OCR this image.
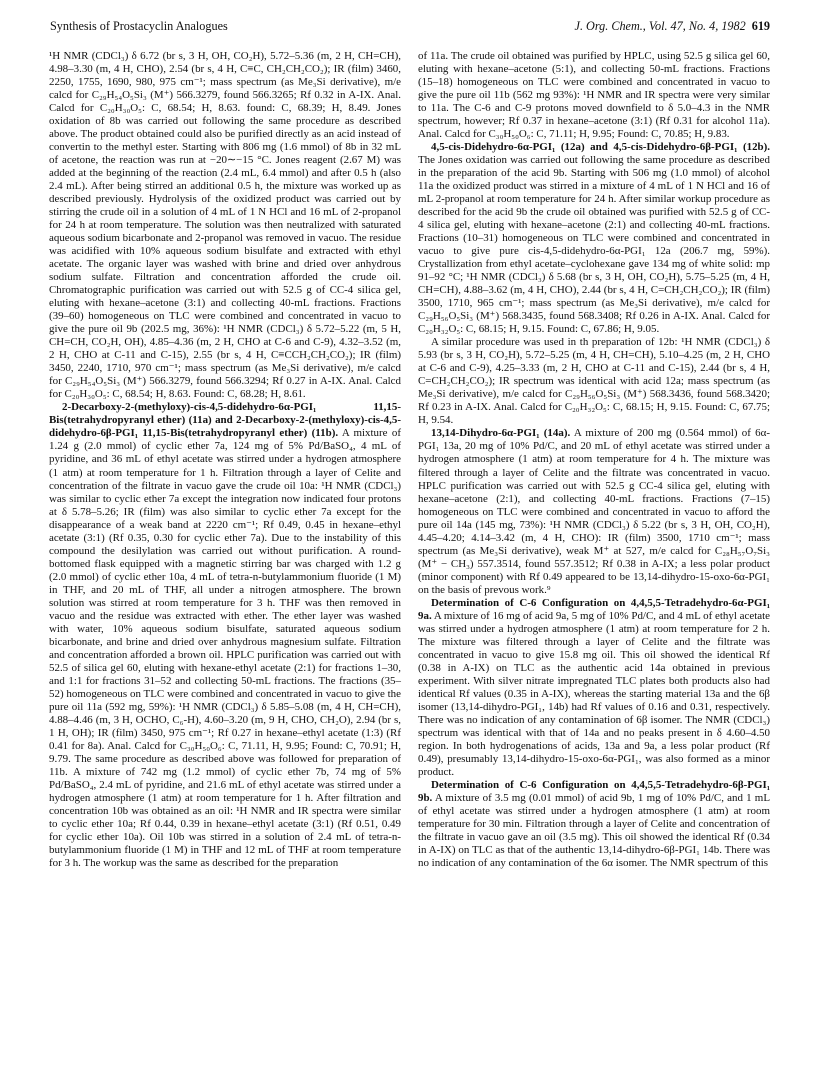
Synthesis of Prostacyclin Analogues	J. Org. Chem., Vol. 47, No. 4, 1982 619

¹H NMR (CDCl₃) δ 6.72 (br s, 3 H, OH, CO₂H), 5.72–5.36 (m, 2 H, CH=CH), 4.98–3.30 (m, 4 H, CHO), 2.54 (br s, 4 H, C≡C, CH₂CH₂CO₂); IR (film) 3460, 2250, 1755, 1690, 980, 975 cm⁻¹; mass spectrum (as Me₃Si derivative), m/e calcd for C₂₉H₅₄O₅Si₃ (M⁺) 566.3279, found 566.3265; Rf 0.32 in A-IX. Anal. Calcd for C₂₀H₃₀O₅: C, 68.54; H, 8.63. found: C, 68.39; H, 8.49. Jones oxidation of 8b was carried out following the same procedure as described above. The product obtained could also be purified directly as an acid instead of convertin to the methyl ester. Starting with 806 mg (1.6 mmol) of 8b in 32 mL of acetone, the reaction was run at −20∼−15 °C. Jones reagent (2.67 M) was added at the beginning of the reaction (2.4 mL, 6.4 mmol) and after 0.5 h (also 2.4 mL). After being stirred an additional 0.5 h, the mixture was worked up as described previously. Hydrolysis of the oxidized product was carried out by stirring the crude oil in a solution of 4 mL of 1 N HCl and 16 mL of 2-propanol for 24 h at room temperature. The solution was then neutralized with saturated aqueous sodium bicarbonate and 2-propanol was removed in vacuo. The residue was acidified with 10% aqueous sodium bisulfate and extracted with ethyl acetate. The organic layer was washed with brine and dried over anhydrous sodium sulfate. Filtration and concentration afforded the crude oil. Chromatographic purification was carried out with 52.5 g of CC-4 silica gel, eluting with hexane–acetone (3:1) and collecting 40-mL fractions. Fractions (39–60) homogeneous on TLC were combined and concentrated in vacuo to give the pure oil 9b (202.5 mg, 36%): ¹H NMR (CDCl₃) δ 5.72–5.22 (m, 5 H, CH=CH, CO₂H, OH), 4.85–4.36 (m, 2 H, CHO at C-6 and C-9), 4.32–3.52 (m, 2 H, CHO at C-11 and C-15), 2.55 (br s, 4 H, C≡CCH₂CH₂CO₂); IR (film) 3450, 2240, 1710, 970 cm⁻¹; mass spectrum (as Me₃Si derivative), m/e calcd for C₂₉H₅₄O₅Si₃ (M⁺) 566.3279, found 566.3294; Rf 0.27 in A-IX. Anal. Calcd for C₂₀H₃₀O₅: C, 68.54; H, 8.63. Found: C, 68.28; H, 8.61.

2-Decarboxy-2-(methyloxy)-cis-4,5-didehydro-6α-PGI₁ 11,15-Bis(tetrahydropyranyl ether) (11a) and 2-Decarboxy-2-(methyloxy)-cis-4,5-didehydro-6β-PGI₁ 11,15-Bis(tetrahydropyranyl ether) (11b). A mixture of 1.24 g (2.0 mmol) of cyclic ether 7a, 124 mg of 5% Pd/BaSO₄, 4 mL of pyridine, and 36 mL of ethyl acetate was stirred under a hydrogen atmosphere (1 atm) at room temperature for 1 h. Filtration through a layer of Celite and concentration of the filtrate in vacuo gave the crude oil 10a: ¹H NMR (CDCl₃) was similar to cyclic ether 7a except the integration now indicated four protons at δ 5.78–5.26; IR (film) was also similar to cyclic ether 7a except for the disappearance of a weak band at 2220 cm⁻¹; Rf 0.49, 0.45 in hexane–ethyl acetate (3:1) (Rf 0.35, 0.30 for cyclic ether 7a). Due to the instability of this compound the desilylation was carried out without purification. A round-bottomed flask equipped with a magnetic stirring bar was charged with 1.2 g (2.0 mmol) of cyclic ether 10a, 4 mL of tetra-n-butylammonium fluoride (1 M) in THF, and 20 mL of THF, all under a nitrogen atmosphere. The brown solution was stirred at room temperature for 3 h. THF was then removed in vacuo and the residue was extracted with ether. The ether layer was washed with water, 10% aqueous sodium bisulfate, saturated aqueous sodium bicarbonate, and brine and dried over anhydrous magnesium sulfate. Filtration and concentration afforded a brown oil. HPLC purification was carried out with 52.5 of silica gel 60, eluting with hexane-ethyl acetate (2:1) for fractions 1–30, and 1:1 for fractions 31–52 and collecting 50-mL fractions. The fractions (35–52) homogeneous on TLC were combined and concentrated in vacuo to give the pure oil 11a (592 mg, 59%): ¹H NMR (CDCl₃) δ 5.85–5.08 (m, 4 H, CH=CH), 4.88–4.46 (m, 3 H, OCHO, C₆-H), 4.60–3.20 (m, 9 H, CHO, CH₂O), 2.94 (br s, 1 H, OH); IR (film) 3450, 975 cm⁻¹; Rf 0.27 in hexane–ethyl acetate (1:3) (Rf 0.41 for 8a). Anal. Calcd for C₃₀H₅₀O₆: C, 71.11, H, 9.95; Found: C, 70.91; H, 9.79. The same procedure as described above was followed for preparation of 11b. A mixture of 742 mg (1.2 mmol) of cyclic ether 7b, 74 mg of 5% Pd/BaSO₄, 2.4 mL of pyridine, and 21.6 mL of ethyl acetate was stirred under a hydrogen atmosphere (1 atm) at room temperature for 1 h. After filtration and concentration 10b was obtained as an oil: ¹H NMR and IR spectra were similar to cyclic ether 10a; Rf 0.44, 0.39 in hexane–ethyl acetate (3:1) (Rf 0.51, 0.49 for cyclic ether 10a). Oil 10b was stirred in a solution of 2.4 mL of tetra-n-butylammonium fluoride (1 M) in THF and 12 mL of THF at room temperature for 3 h. The workup was the same as described for the preparation

of 11a. The crude oil obtained was purified by HPLC, using 52.5 g silica gel 60, eluting with hexane–acetone (5:1), and collecting 50-mL fractions. Fractions (15–18) homogeneous on TLC were combined and concentrated in vacuo to give the pure oil 11b (562 mg 93%): ¹H NMR and IR spectra were very similar to 11a. The C-6 and C-9 protons moved downfield to δ 5.0–4.3 in the NMR spectrum, however; Rf 0.37 in hexane–acetone (3:1) (Rf 0.31 for alcohol 11a). Anal. Calcd for C₃₀H₅₀O₆: C, 71.11; H, 9.95; Found: C, 70.85; H, 9.83.

4,5-cis-Didehydro-6α-PGI₁ (12a) and 4,5-cis-Didehydro-6β-PGI₁ (12b). The Jones oxidation was carried out following the same procedure as described in the preparation of the acid 9b. Starting with 506 mg (1.0 mmol) of alcohol 11a the oxidized product was stirred in a mixture of 4 mL of 1 N HCl and 16 of mL 2-propanol at room temperature for 24 h. After similar workup procedure as described for the acid 9b the crude oil obtained was purified with 52.5 g of CC-4 silica gel, eluting with hexane–acetone (2:1) and collecting 40-mL fractions. Fractions (10–31) homogeneous on TLC were combined and concentrated in vacuo to give pure cis-4,5-didehydro-6α-PGI₁ 12a (206.7 mg, 59%). Crystallization from ethyl acetate–cyclohexane gave 134 mg of white solid: mp 91–92 °C; ¹H NMR (CDCl₃) δ 5.68 (br s, 3 H, OH, CO₂H), 5.75–5.25 (m, 4 H, CH=CH), 4.88–3.62 (m, 4 H, CHO), 2.44 (br s, 4 H, C=CH₂CH₂CO₂); IR (film) 3500, 1710, 965 cm⁻¹; mass spectrum (as Me₃Si derivative), m/e calcd for C₂₉H₅₆O₅Si₃ (M⁺) 568.3435, found 568.3408; Rf 0.26 in A-IX. Anal. Calcd for C₂₀H₃₂O₅: C, 68.15; H, 9.15. Found: C, 67.86; H, 9.05.

A similar procedure was used in th preparation of 12b: ¹H NMR (CDCl₃) δ 5.93 (br s, 3 H, CO₂H), 5.72–5.25 (m, 4 H, CH=CH), 5.10–4.25 (m, 2 H, CHO at C-6 and C-9), 4.25–3.33 (m, 2 H, CHO at C-11 and C-15), 2.44 (br s, 4 H, C=CH₂CH₂CO₂); IR spectrum was identical with acid 12a; mass spectrum (as Me₃Si derivative), m/e calcd for C₂₉H₅₆O₅Si₃ (M⁺) 568.3436, found 568.3420; Rf 0.23 in A-IX. Anal. Calcd for C₂₀H₃₂O₅: C, 68.15; H, 9.15. Found: C, 67.75; H, 9.54.

13,14-Dihydro-6α-PGI₁ (14a). A mixture of 200 mg (0.564 mmol) of 6α-PGI₁ 13a, 20 mg of 10% Pd/C, and 20 mL of ethyl acetate was stirred under a hydrogen atmosphere (1 atm) at room temperature for 4 h. The mixture was filtered through a layer of Celite and the filtrate was concentrated in vacuo. HPLC purification was carried out with 52.5 g CC-4 silica gel, eluting with hexane–acetone (2:1), and collecting 40-mL fractions. Fractions (7–15) homogeneous on TLC were combined and concentrated in vacuo to afford the pure oil 14a (145 mg, 73%): ¹H NMR (CDCl₃) δ 5.22 (br s, 3 H, OH, CO₂H), 4.45–4.20; 4.14–3.42 (m, 4 H, CHO): IR (film) 3500, 1710 cm⁻¹; mass spectrum (as Me₃Si derivative), weak M⁺ at 527, m/e calcd for C₂₈H₅₇O₇Si₃ (M⁺ − CH₃) 557.3514, found 557.3512; Rf 0.38 in A-IX; a less polar product (minor component) with Rf 0.49 appeared to be 13,14-dihydro-15-oxo-6α-PGI₁ on the basis of prevous work.⁹

Determination of C-6 Configuration on 4,4,5,5-Tetradehydro-6α-PGI₁ 9a. A mixture of 16 mg of acid 9a, 5 mg of 10% Pd/C, and 4 mL of ethyl acetate was stirred under a hydrogen atmosphere (1 atm) at room temperature for 2 h. The mixture was filtered through a layer of Celite and the filtrate was concentrated in vacuo to give 15.8 mg oil. This oil showed the identical Rf (0.38 in A-IX) on TLC as the authentic acid 14a obtained in previous experiment. With silver nitrate impregnated TLC plates both products also had identical Rf values (0.35 in A-IX), whereas the starting material 13a and the 6β isomer (13,14-dihydro-PGI₁, 14b) had Rf values of 0.16 and 0.31, respectively. There was no indication of any contamination of 6β isomer. The NMR (CDCl₃) spectrum was identical with that of 14a and no peaks present in δ 4.60–4.50 region. In both hydrogenations of acids, 13a and 9a, a less polar product (Rf 0.49), presumably 13,14-dihydro-15-oxo-6α-PGI₁, was also formed as a minor product.

Determination of C-6 Configuration on 4,4,5,5-Tetradehydro-6β-PGI₁ 9b. A mixture of 3.5 mg (0.01 mmol) of acid 9b, 1 mg of 10% Pd/C, and 1 mL of ethyl acetate was stirred under a hydrogen atmosphere (1 atm) at room temperature for 30 min. Filtration through a layer of Celite and concentration of the filtrate in vacuo gave an oil (3.5 mg). This oil showed the identical Rf (0.34 in A-IX) on TLC as that of the authentic 13,14-dihydro-6β-PGI₁ 14b. There was no indication of any contamination of the 6α isomer. The NMR spectrum of this
